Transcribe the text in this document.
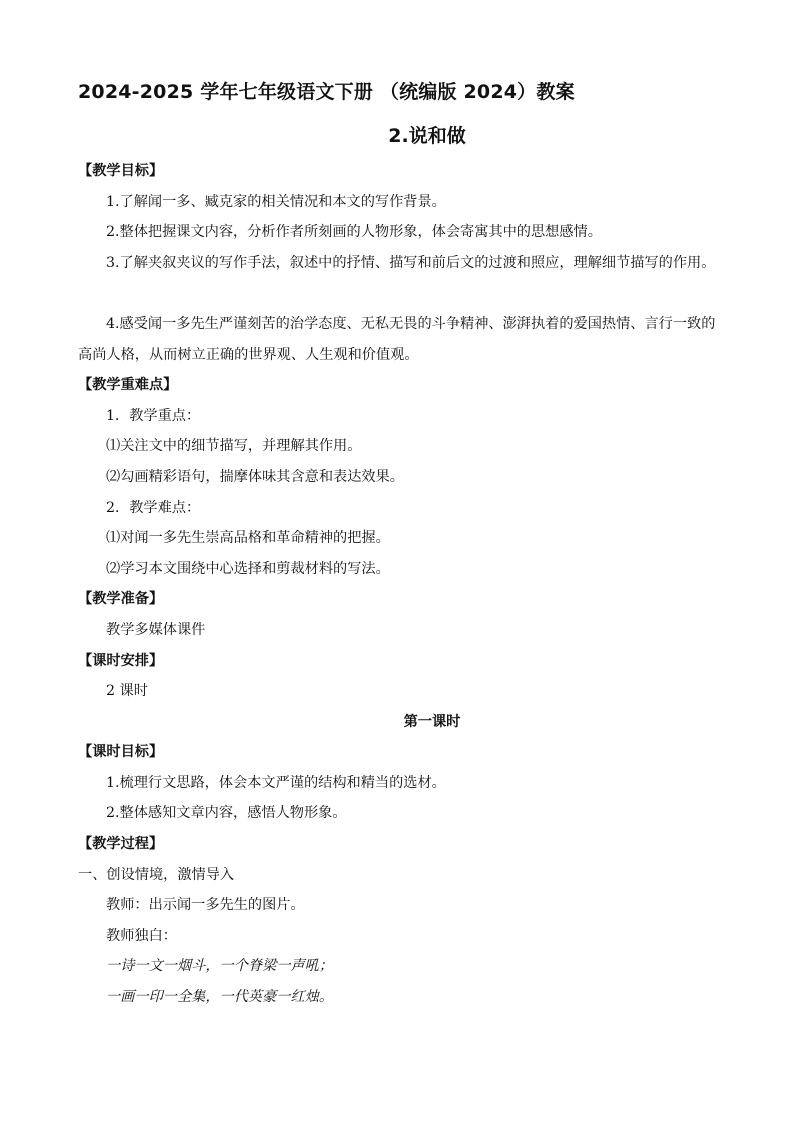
2024-2025 学年七年级语文下册 （统编版 2024）教案
2.说和做
【教学目标】
1.了解闻一多、臧克家的相关情况和本文的写作背景。
2.整体把握课文内容，分析作者所刻画的人物形象，体会寄寓其中的思想感情。
3.了解夹叙夹议的写作手法，叙述中的抒情、描写和前后文的过渡和照应，理解细节描写的作用。
4.感受闻一多先生严谨刻苦的治学态度、无私无畏的斗争精神、澎湃执着的爱国热情、言行一致的高尚人格，从而树立正确的世界观、人生观和价值观。
【教学重难点】
1．教学重点：
⑴关注文中的细节描写，并理解其作用。
⑵勾画精彩语句，揣摩体味其含意和表达效果。
2．教学难点：
⑴对闻一多先生崇高品格和革命精神的把握。
⑵学习本文围绕中心选择和剪裁材料的写法。
【教学准备】
教学多媒体课件
【课时安排】
2 课时
第一课时
【课时目标】
1.梳理行文思路，体会本文严谨的结构和精当的选材。
2.整体感知文章内容，感悟人物形象。
【教学过程】
一、创设情境，激情导入
教师：出示闻一多先生的图片。
教师独白：
一诗一文一烟斗，一个脊梁一声吼；
一画一印一全集，一代英豪一红烛。
